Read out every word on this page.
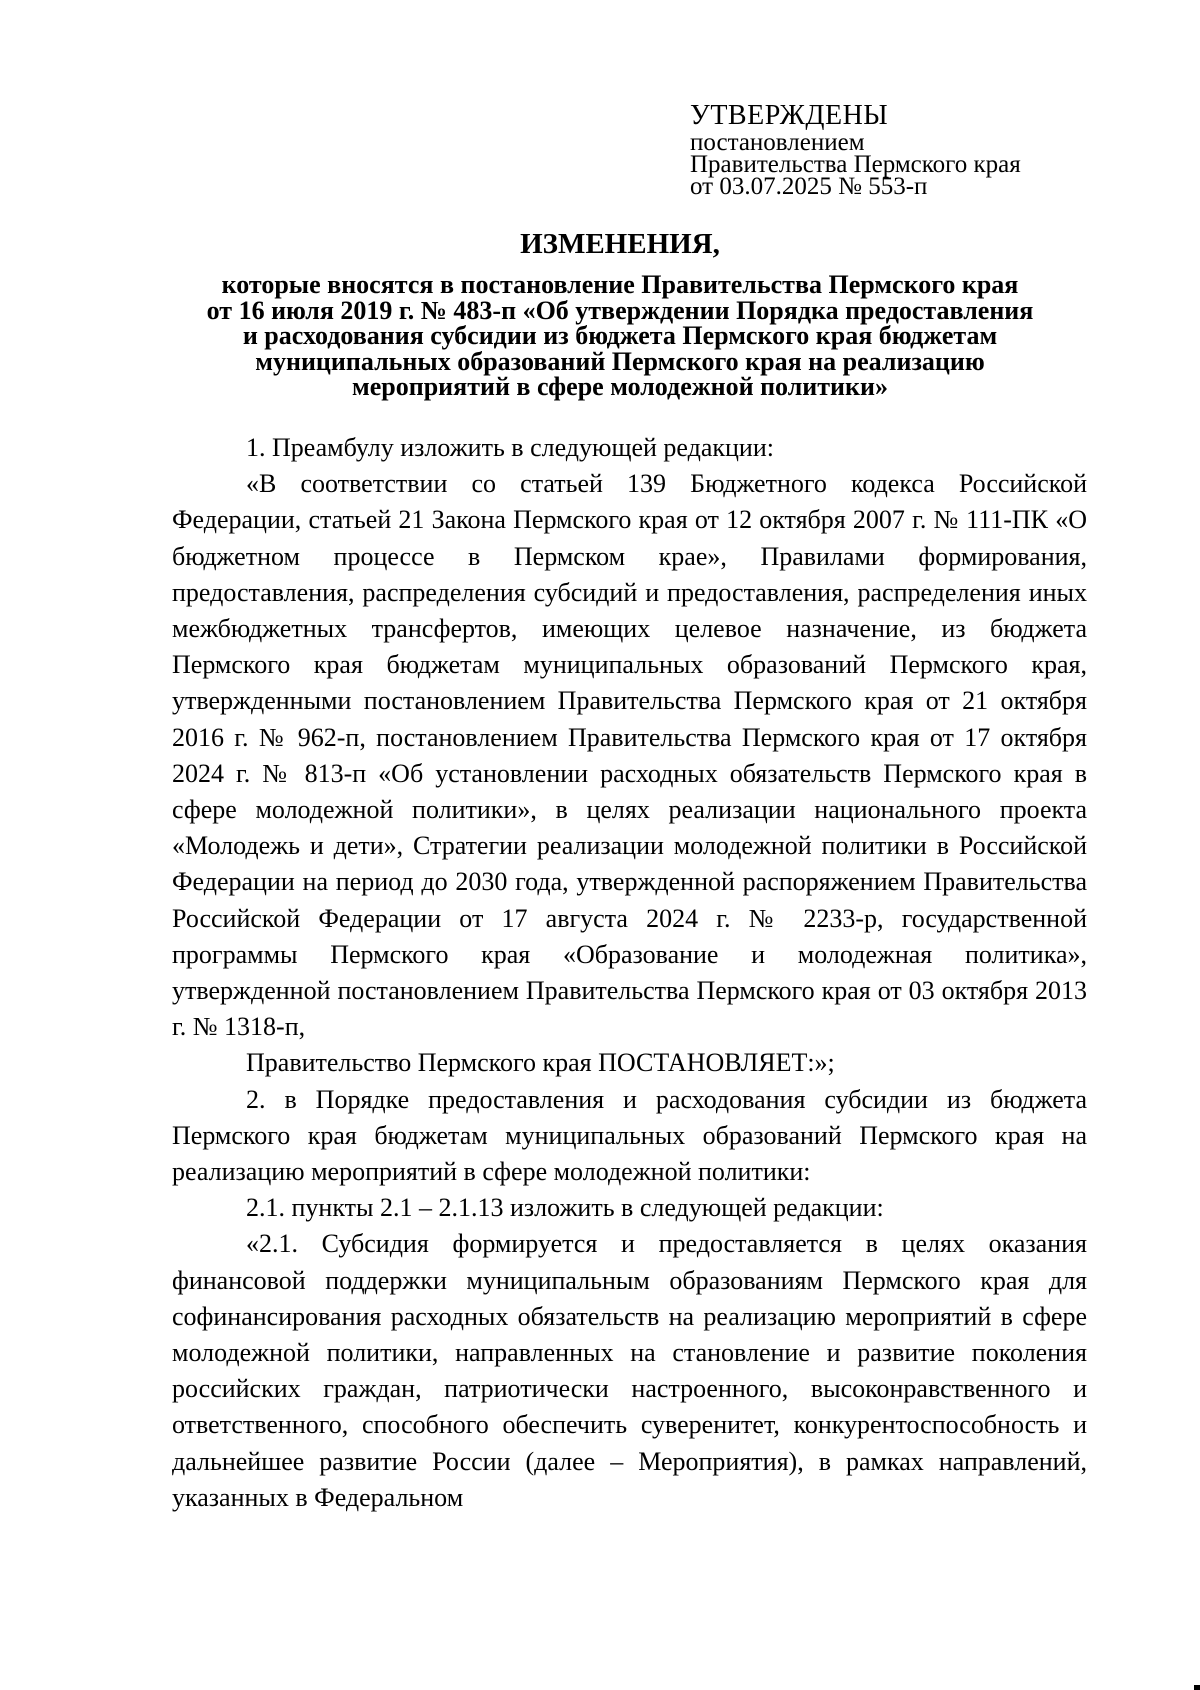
УТВЕРЖДЕНЫ
постановлением
Правительства Пермского края
от 03.07.2025 № 553-п
ИЗМЕНЕНИЯ,
которые вносятся в постановление Правительства Пермского края
от 16 июля 2019 г. № 483-п «Об утверждении Порядка предоставления
и расходования субсидии из бюджета Пермского края бюджетам
муниципальных образований Пермского края на реализацию
мероприятий в сфере молодежной политики»

1. Преамбулу изложить в следующей редакции:

«В соответствии со статьей 139 Бюджетного кодекса Российской Федерации, статьей 21 Закона Пермского края от 12 октября 2007 г. № 111-ПК «О бюджетном процессе в Пермском крае», Правилами формирования, предоставления, распределения субсидий и предоставления, распределения иных межбюджетных трансфертов, имеющих целевое назначение, из бюджета Пермского края бюджетам муниципальных образований Пермского края, утвержденными постановлением Правительства Пермского края от 21 октября 2016 г. № 962-п, постановлением Правительства Пермского края от 17 октября 2024 г. № 813-п «Об установлении расходных обязательств Пермского края в сфере молодежной политики», в целях реализации национального проекта «Молодежь и дети», Стратегии реализации молодежной политики в Российской Федерации на период до 2030 года, утвержденной распоряжением Правительства Российской Федерации от 17 августа 2024 г. № 2233-р, государственной программы Пермского края «Образование и молодежная политика», утвержденной постановлением Правительства Пермского края от 03 октября 2013 г. № 1318-п,

Правительство Пермского края ПОСТАНОВЛЯЕТ:»;

2. в Порядке предоставления и расходования субсидии из бюджета Пермского края бюджетам муниципальных образований Пермского края на реализацию мероприятий в сфере молодежной политики:

2.1. пункты 2.1 – 2.1.13 изложить в следующей редакции:

«2.1. Субсидия формируется и предоставляется в целях оказания финансовой поддержки муниципальным образованиям Пермского края для софинансирования расходных обязательств на реализацию мероприятий в сфере молодежной политики, направленных на становление и развитие поколения российских граждан, патриотически настроенного, высоконравственного и ответственного, способного обеспечить суверенитет, конкурентоспособность и дальнейшее развитие России (далее – Мероприятия), в рамках направлений, указанных в Федеральном
